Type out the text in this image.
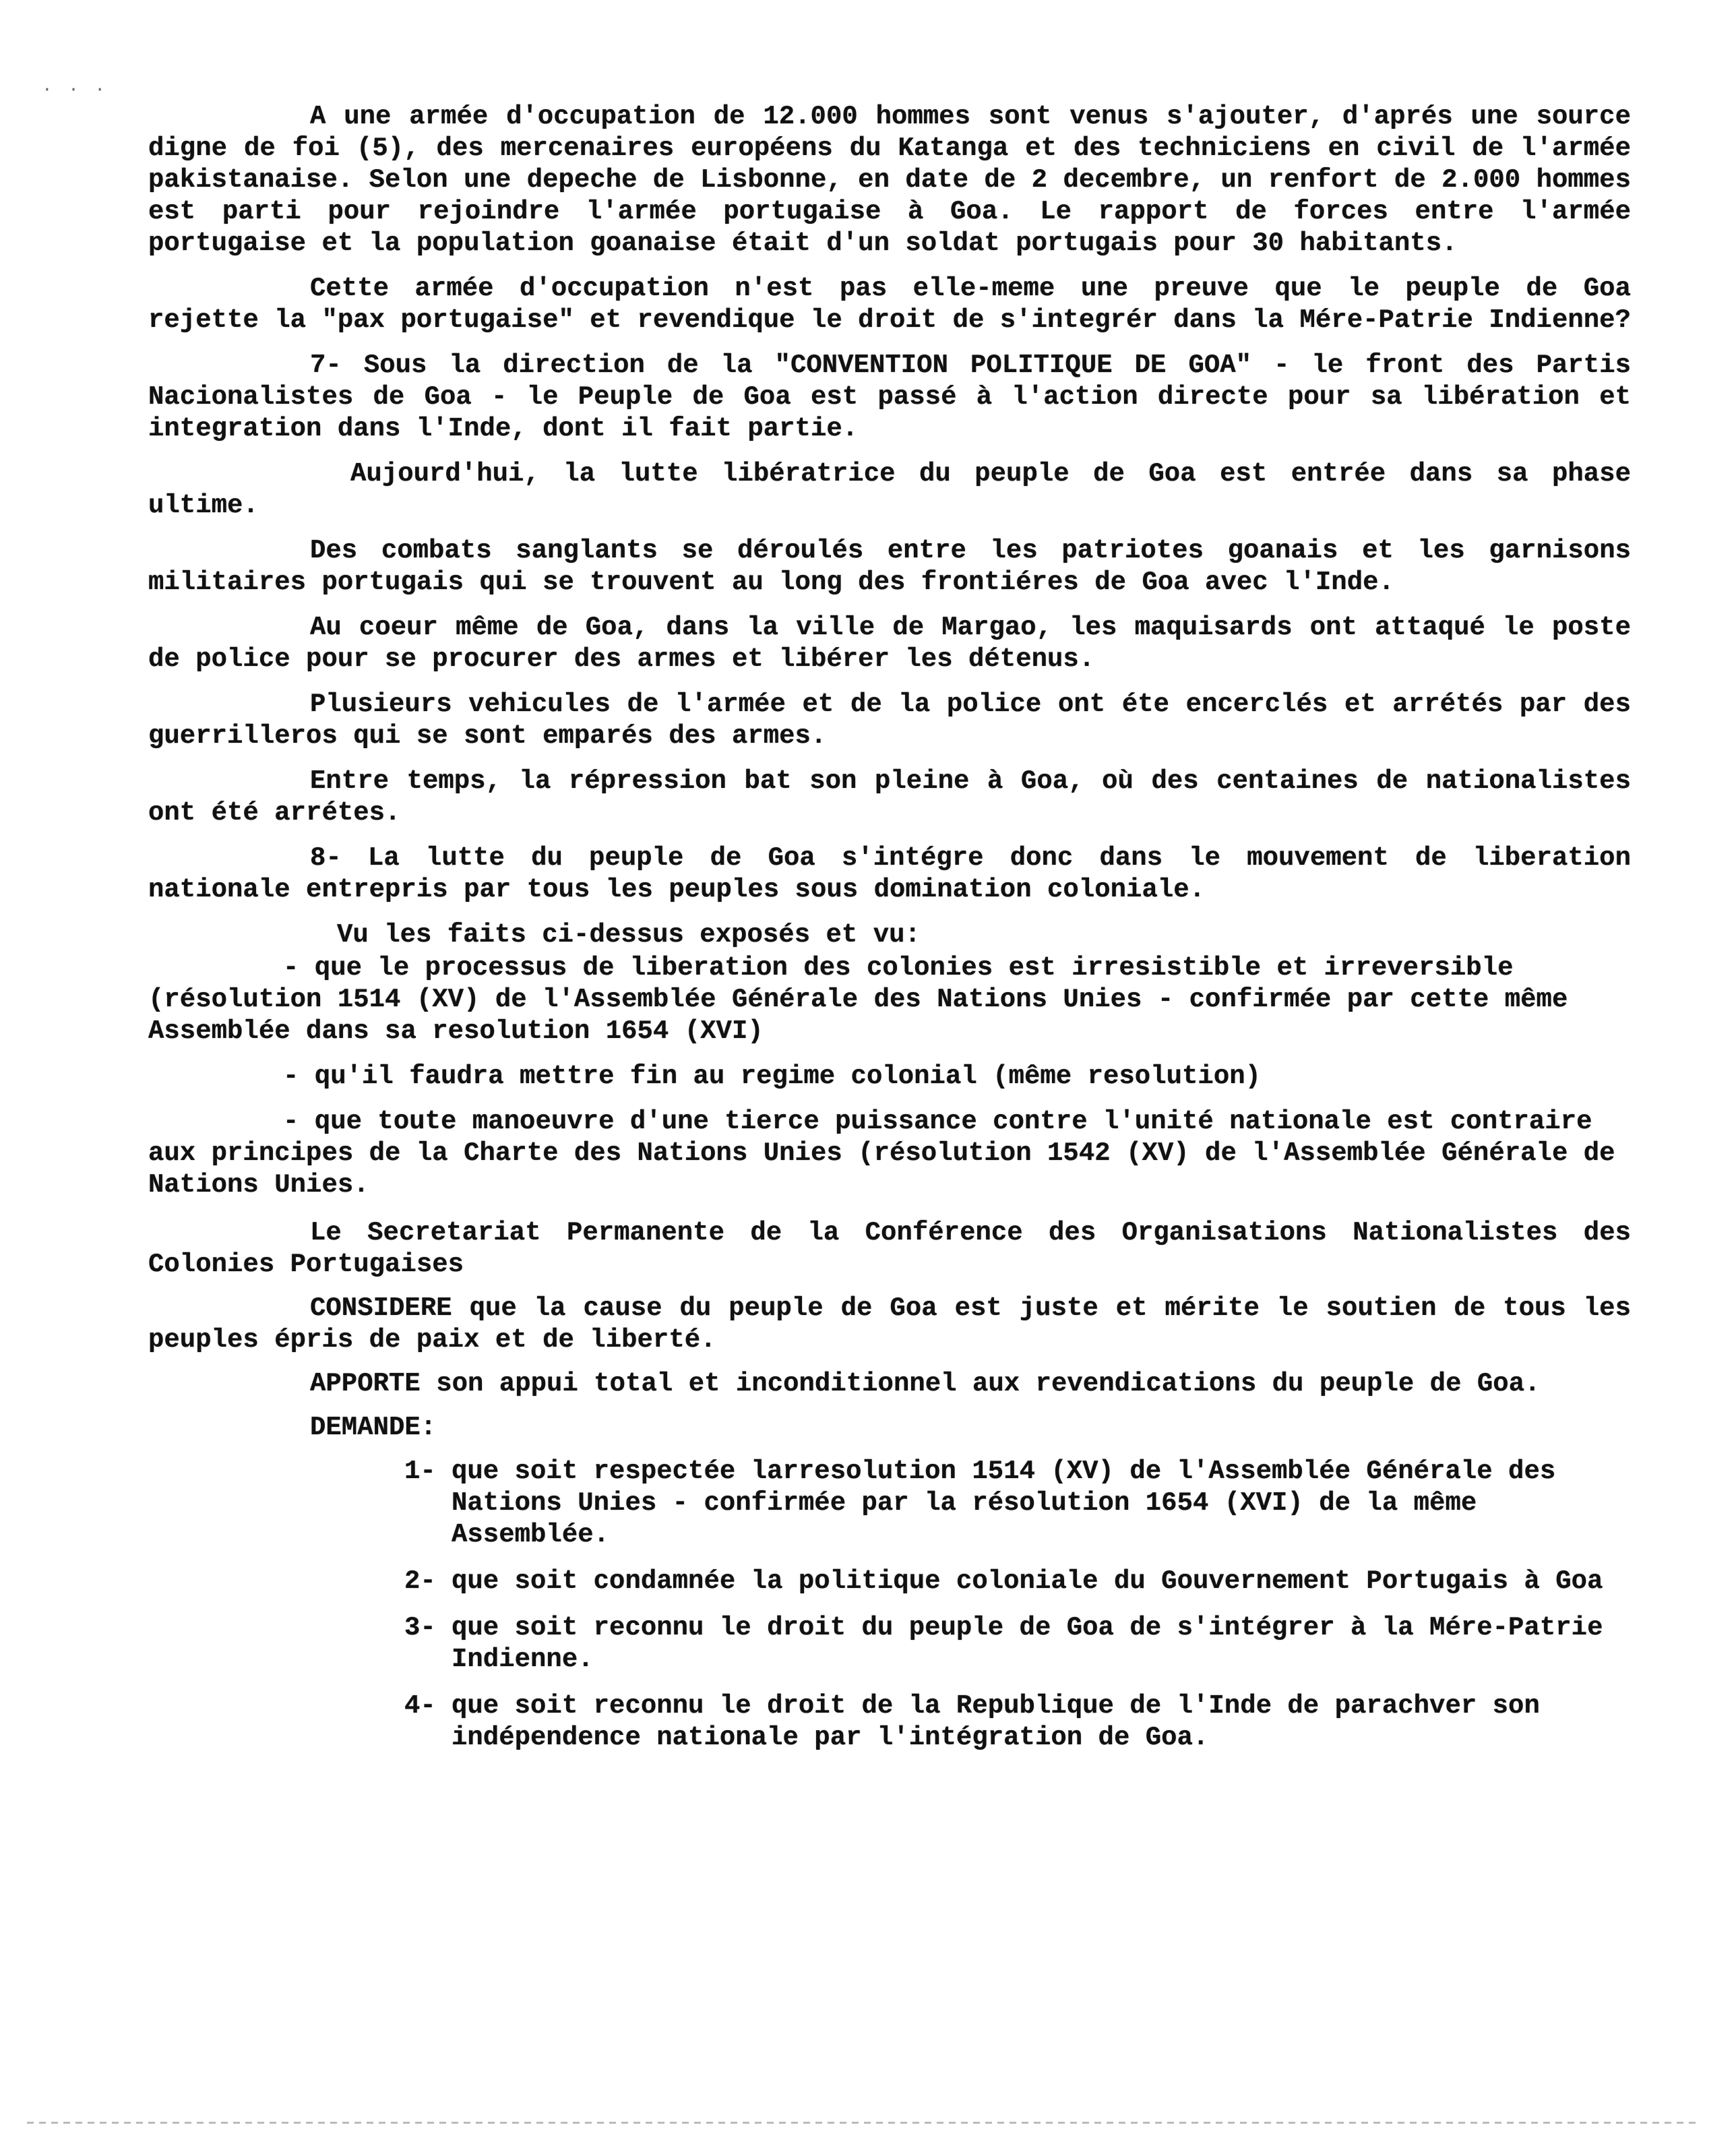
· · ·

A une armée d'occupation de 12.000 hommes sont venus s'ajouter, d'aprés une source digne de foi (5), des mercenaires européens du Katanga et des techniciens en civil de l'armée pakistanaise. Selon une depeche de Lisbonne, en date de 2 decembre, un renfort de 2.000 hommes est parti pour rejoindre l'armée portugaise à Goa. Le rapport de forces entre l'armée portugaise et la population goanaise était d'un soldat portugais pour 30 habitants.

Cette armée d'occupation n'est pas elle-meme une preuve que le peuple de Goa rejette la "pax portugaise" et revendique le droit de s'integrér dans la Mére-Patrie Indienne?

7- Sous la direction de la "CONVENTION POLITIQUE DE GOA" - le front des Partis Nacionalistes de Goa - le Peuple de Goa est passé à l'action directe pour sa libération et integration dans l'Inde, dont il fait partie.

Aujourd'hui, la lutte libératrice du peuple de Goa est entrée dans sa phase ultime.

Des combats sanglants se déroulés entre les patriotes goanais et les garnisons militaires portugais qui se trouvent au long des frontiéres de Goa avec l'Inde.

Au coeur même de Goa, dans la ville de Margao, les maquisards ont attaqué le poste de police pour se procurer des armes et libérer les détenus.

Plusieurs vehicules de l'armée et de la police ont éte encerclés et arrétés par des guerrilleros qui se sont emparés des armes.

Entre temps, la répression bat son pleine à Goa, où des centaines de nationalistes ont été arrétes.

8- La lutte du peuple de Goa s'intégre donc dans le mouvement de liberation nationale entrepris par tous les peuples sous domination coloniale.

Vu les faits ci-dessus exposés et vu:

- que le processus de liberation des colonies est irresistible et irreversible (résolution 1514 (XV) de l'Assemblée Générale des Nations Unies - confirmée par cette même Assemblée dans sa resolution 1654 (XVI)

- qu'il faudra mettre fin au regime colonial (même resolution)

- que toute manoeuvre d'une tierce puissance contre l'unité nationale est contraire aux principes de la Charte des Nations Unies (résolution 1542 (XV) de l'Assemblée Générale de Nations Unies.

Le Secretariat Permanente de la Conférence des Organisations Nationalistes des Colonies Portugaises

CONSIDERE que la cause du peuple de Goa est juste et mérite le soutien de tous les peuples épris de paix et de liberté.

APPORTE son appui total et inconditionnel aux revendications du peuple de Goa.

DEMANDE:

1- que soit respectée larresolution 1514 (XV) de l'Assemblée Générale des Nations Unies - confirmée par la résolution 1654 (XVI) de la même Assemblée.
2- que soit condamnée la politique coloniale du Gouvernement Portugais à Goa
3- que soit reconnu le droit du peuple de Goa de s'intégrer à la Mére-Patrie Indienne.
4- que soit reconnu le droit de la Republique de l'Inde de parachver son indépendence nationale par l'intégration de Goa.
